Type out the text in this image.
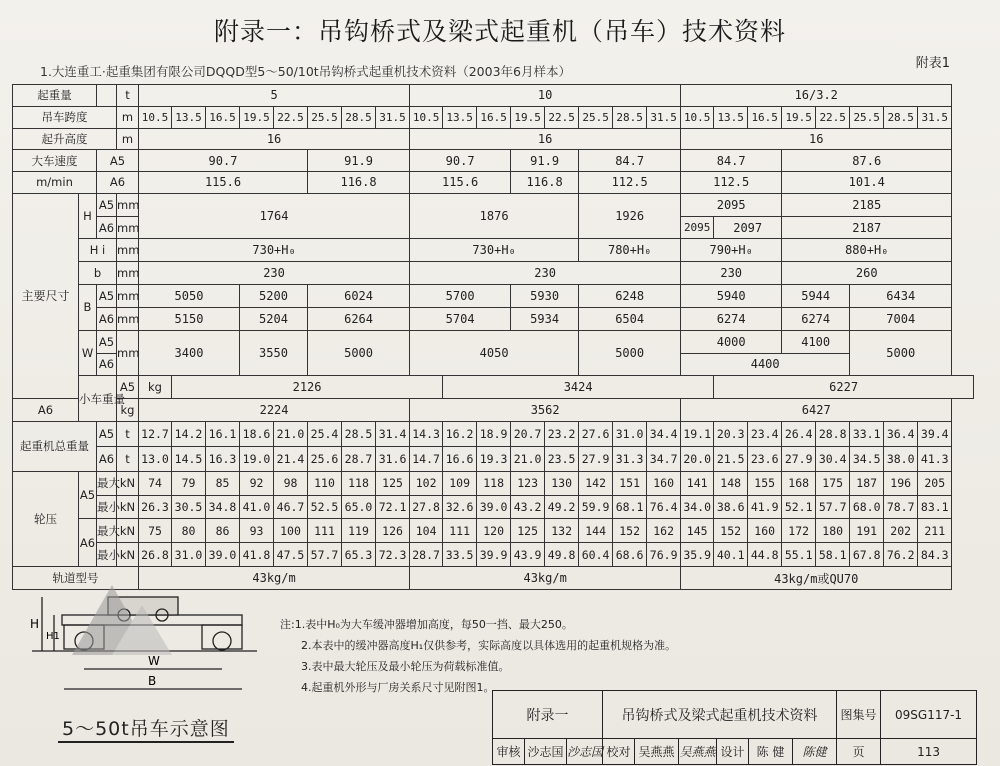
附录一：吊钩桥式及梁式起重机（吊车）技术资料
1.大连重工·起重集团有限公司DQQD型5～50/10t吊钩桥式起重机技术资料（2003年6月样本）
附表1
起重量			t	5								10								16/3.2							
吊车跨度			m	10.5	13.5	16.5	19.5	22.5	25.5	28.5	31.5	10.5	13.5	16.5	19.5	22.5	25.5	28.5	31.5	10.5	13.5	16.5	19.5	22.5	25.5	28.5	31.5
起升高度			m	16								16								16							
大车速度		A5		90.7					91.9			90.7			91.9		84.7			84.7			87.6				
m/min		A6		115.6					116.8			115.6			116.8		112.5			112.5			101.4				
主要尺寸	H	A5	mm	1764								1876					1926			2095			2185				
		A6	mm																	2095	2097		2187				
	H i		mm	730+H₀								730+H₀					780+H₀			790+H₀			880+H₀				
	b		mm	230								230								230			260				
	B	A5	mm	5050			5200		6024			5700			5930		6248			5940			5944		6434		
		A6	mm	5150			5204		6264			5704			5934		6504			6274			6274		7004		
	W	A5	mm	3400			3550		5000			4050					5000			4000			4100		5000		
		A6																		4400							
	小车重量		A5	kg	2126								3424								6227						
A6			kg	2224								3562								6427							
起重机总重量		A5	t	12.7	14.2	16.1	18.6	21.0	25.4	28.5	31.4	14.3	16.2	18.9	20.7	23.2	27.6	31.0	34.4	19.1	20.3	23.4	26.4	28.8	33.1	36.4	39.4
		A6	t	13.0	14.5	16.3	19.0	21.4	25.6	28.7	31.6	14.7	16.6	19.3	21.0	23.5	27.9	31.3	34.7	20.0	21.5	23.6	27.9	30.4	34.5	38.0	41.3
轮压	A5	最大	kN	74	79	85	92	98	110	118	125	102	109	118	123	130	142	151	160	141	148	155	168	175	187	196	205
		最小	kN	26.3	30.5	34.8	41.0	46.7	52.5	65.0	72.1	27.8	32.6	39.0	43.2	49.2	59.9	68.1	76.4	34.0	38.6	41.9	52.1	57.7	68.0	78.7	83.1
	A6	最大	kN	75	80	86	93	100	111	119	126	104	111	120	125	132	144	152	162	145	152	160	172	180	191	202	211
		最小	kN	26.8	31.0	39.0	41.8	47.5	57.7	65.3	72.3	28.7	33.5	39.9	43.9	49.8	60.4	68.6	76.9	35.9	40.1	44.8	55.1	58.1	67.8	76.2	84.3
轨道型号				43kg/m								43kg/m								43kg/m或QU70							
H
H1
W
B
5～50t吊车示意图
注:1.表中H₀为大车缓冲器增加高度，每50一挡、最大250。
2.本表中的缓冲器高度H₁仅供参考，实际高度以具体选用的起重机规格为准。
3.表中最大轮压及最小轮压为荷载标准值。
4.起重机外形与厂房关系尺寸见附图1。
附录一			吊钩桥式及梁式起重机技术资料						图集号	09SG117-1
审核	沙志国	沙志国	校对	吴燕燕	吴燕燕	设计	陈 健	陈健	页	113
